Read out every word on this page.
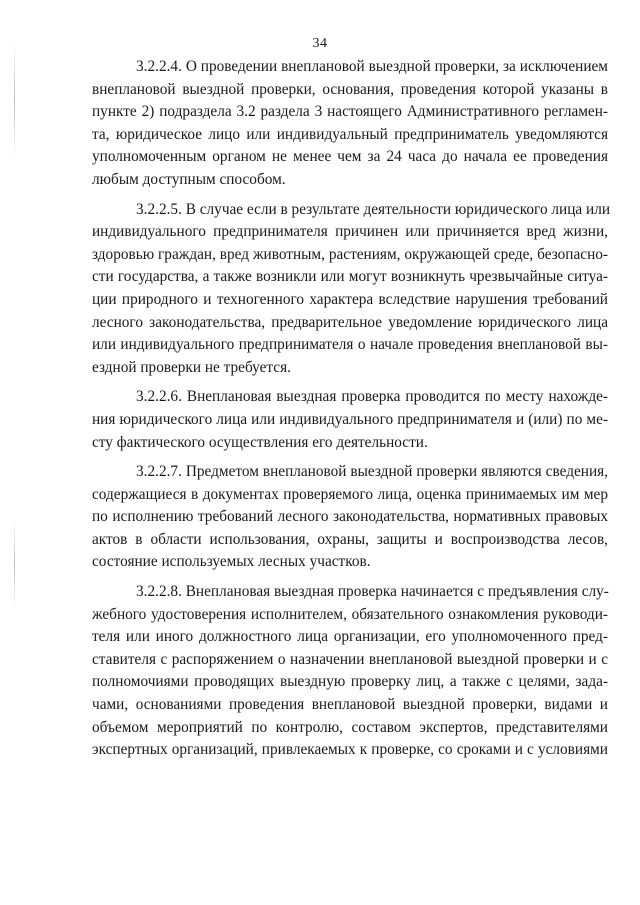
34
3.2.2.4. О проведении внеплановой выездной проверки, за исключением
внеплановой выездной проверки, основания, проведения которой указаны в
пункте 2) подраздела 3.2 раздела 3 настоящего Административного регламен-
та, юридическое лицо или индивидуальный предприниматель уведомляются
уполномоченным органом не менее чем за 24 часа до начала ее проведения
любым доступным способом.
3.2.2.5. В случае если в результате деятельности юридического лица или
индивидуального предпринимателя причинен или причиняется вред жизни,
здоровью граждан, вред животным, растениям, окружающей среде, безопасно-
сти государства, а также возникли или могут возникнуть чрезвычайные ситуа-
ции природного и техногенного характера вследствие нарушения требований
лесного законодательства, предварительное уведомление юридического лица
или индивидуального предпринимателя о начале проведения внеплановой вы-
ездной проверки не требуется.
3.2.2.6. Внеплановая выездная проверка проводится по месту нахожде-
ния юридического лица или индивидуального предпринимателя и (или) по ме-
сту фактического осуществления его деятельности.
3.2.2.7. Предметом внеплановой выездной проверки являются сведения,
содержащиеся в документах проверяемого лица, оценка принимаемых им мер
по исполнению требований лесного законодательства, нормативных правовых
актов в области использования, охраны, защиты и воспроизводства лесов,
состояние используемых лесных участков.
3.2.2.8. Внеплановая выездная проверка начинается с предъявления слу-
жебного удостоверения исполнителем, обязательного ознакомления руководи-
теля или иного должностного лица организации, его уполномоченного пред-
ставителя с распоряжением о назначении внеплановой выездной проверки и с
полномочиями проводящих выездную проверку лиц, а также с целями, зада-
чами, основаниями проведения внеплановой выездной проверки, видами и
объемом мероприятий по контролю, составом экспертов, представителями
экспертных организаций, привлекаемых к проверке, со сроками и с условиями
